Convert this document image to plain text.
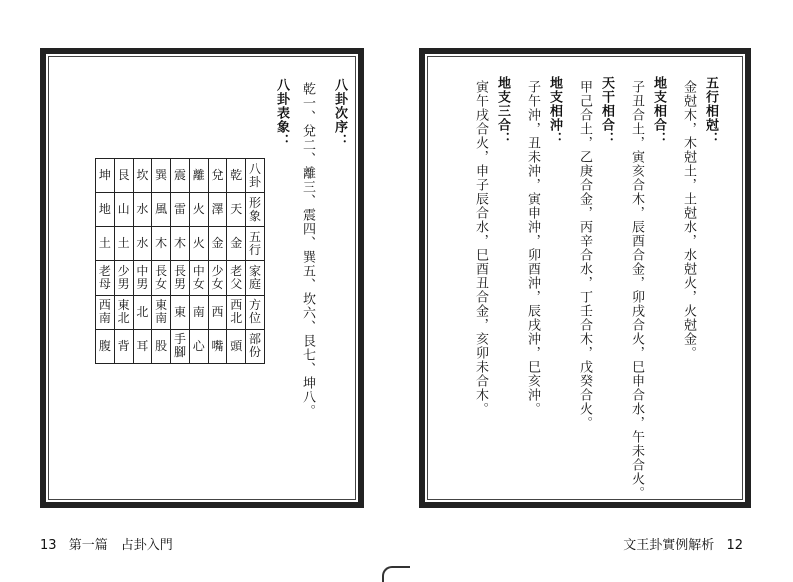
八卦次序：
乾一、兌二、離三、震四、巽五、坎六、艮七、坤八。
八卦表象：
坤	艮	坎	巽	震	離	兌	乾	八卦
地	山	水	風	雷	火	澤	天	形象
土	土	水	木	木	火	金	金	五行
老母	少男	中男	長女	長男	中女	少女	老父	家庭
西南	東北	北	東南	東	南	西	西北	方位
腹	背	耳	股	手腳	心	嘴	頭	部份
13 第一篇　占卦入門
五行相尅：
金尅木，木尅土，土尅水，水尅火，火尅金。
地支相合：
子丑合土，寅亥合木，辰酉合金，卯戌合火，巳申合水，午未合火。
天干相合：
甲己合土，乙庚合金，丙辛合水，丁壬合木，戊癸合火。
地支相沖：
子午沖，丑未沖，寅申沖，卯酉沖，辰戌沖，巳亥沖。
地支三合：
寅午戌合火，申子辰合水，巳酉丑合金，亥卯未合木。
文王卦實例解析 12
